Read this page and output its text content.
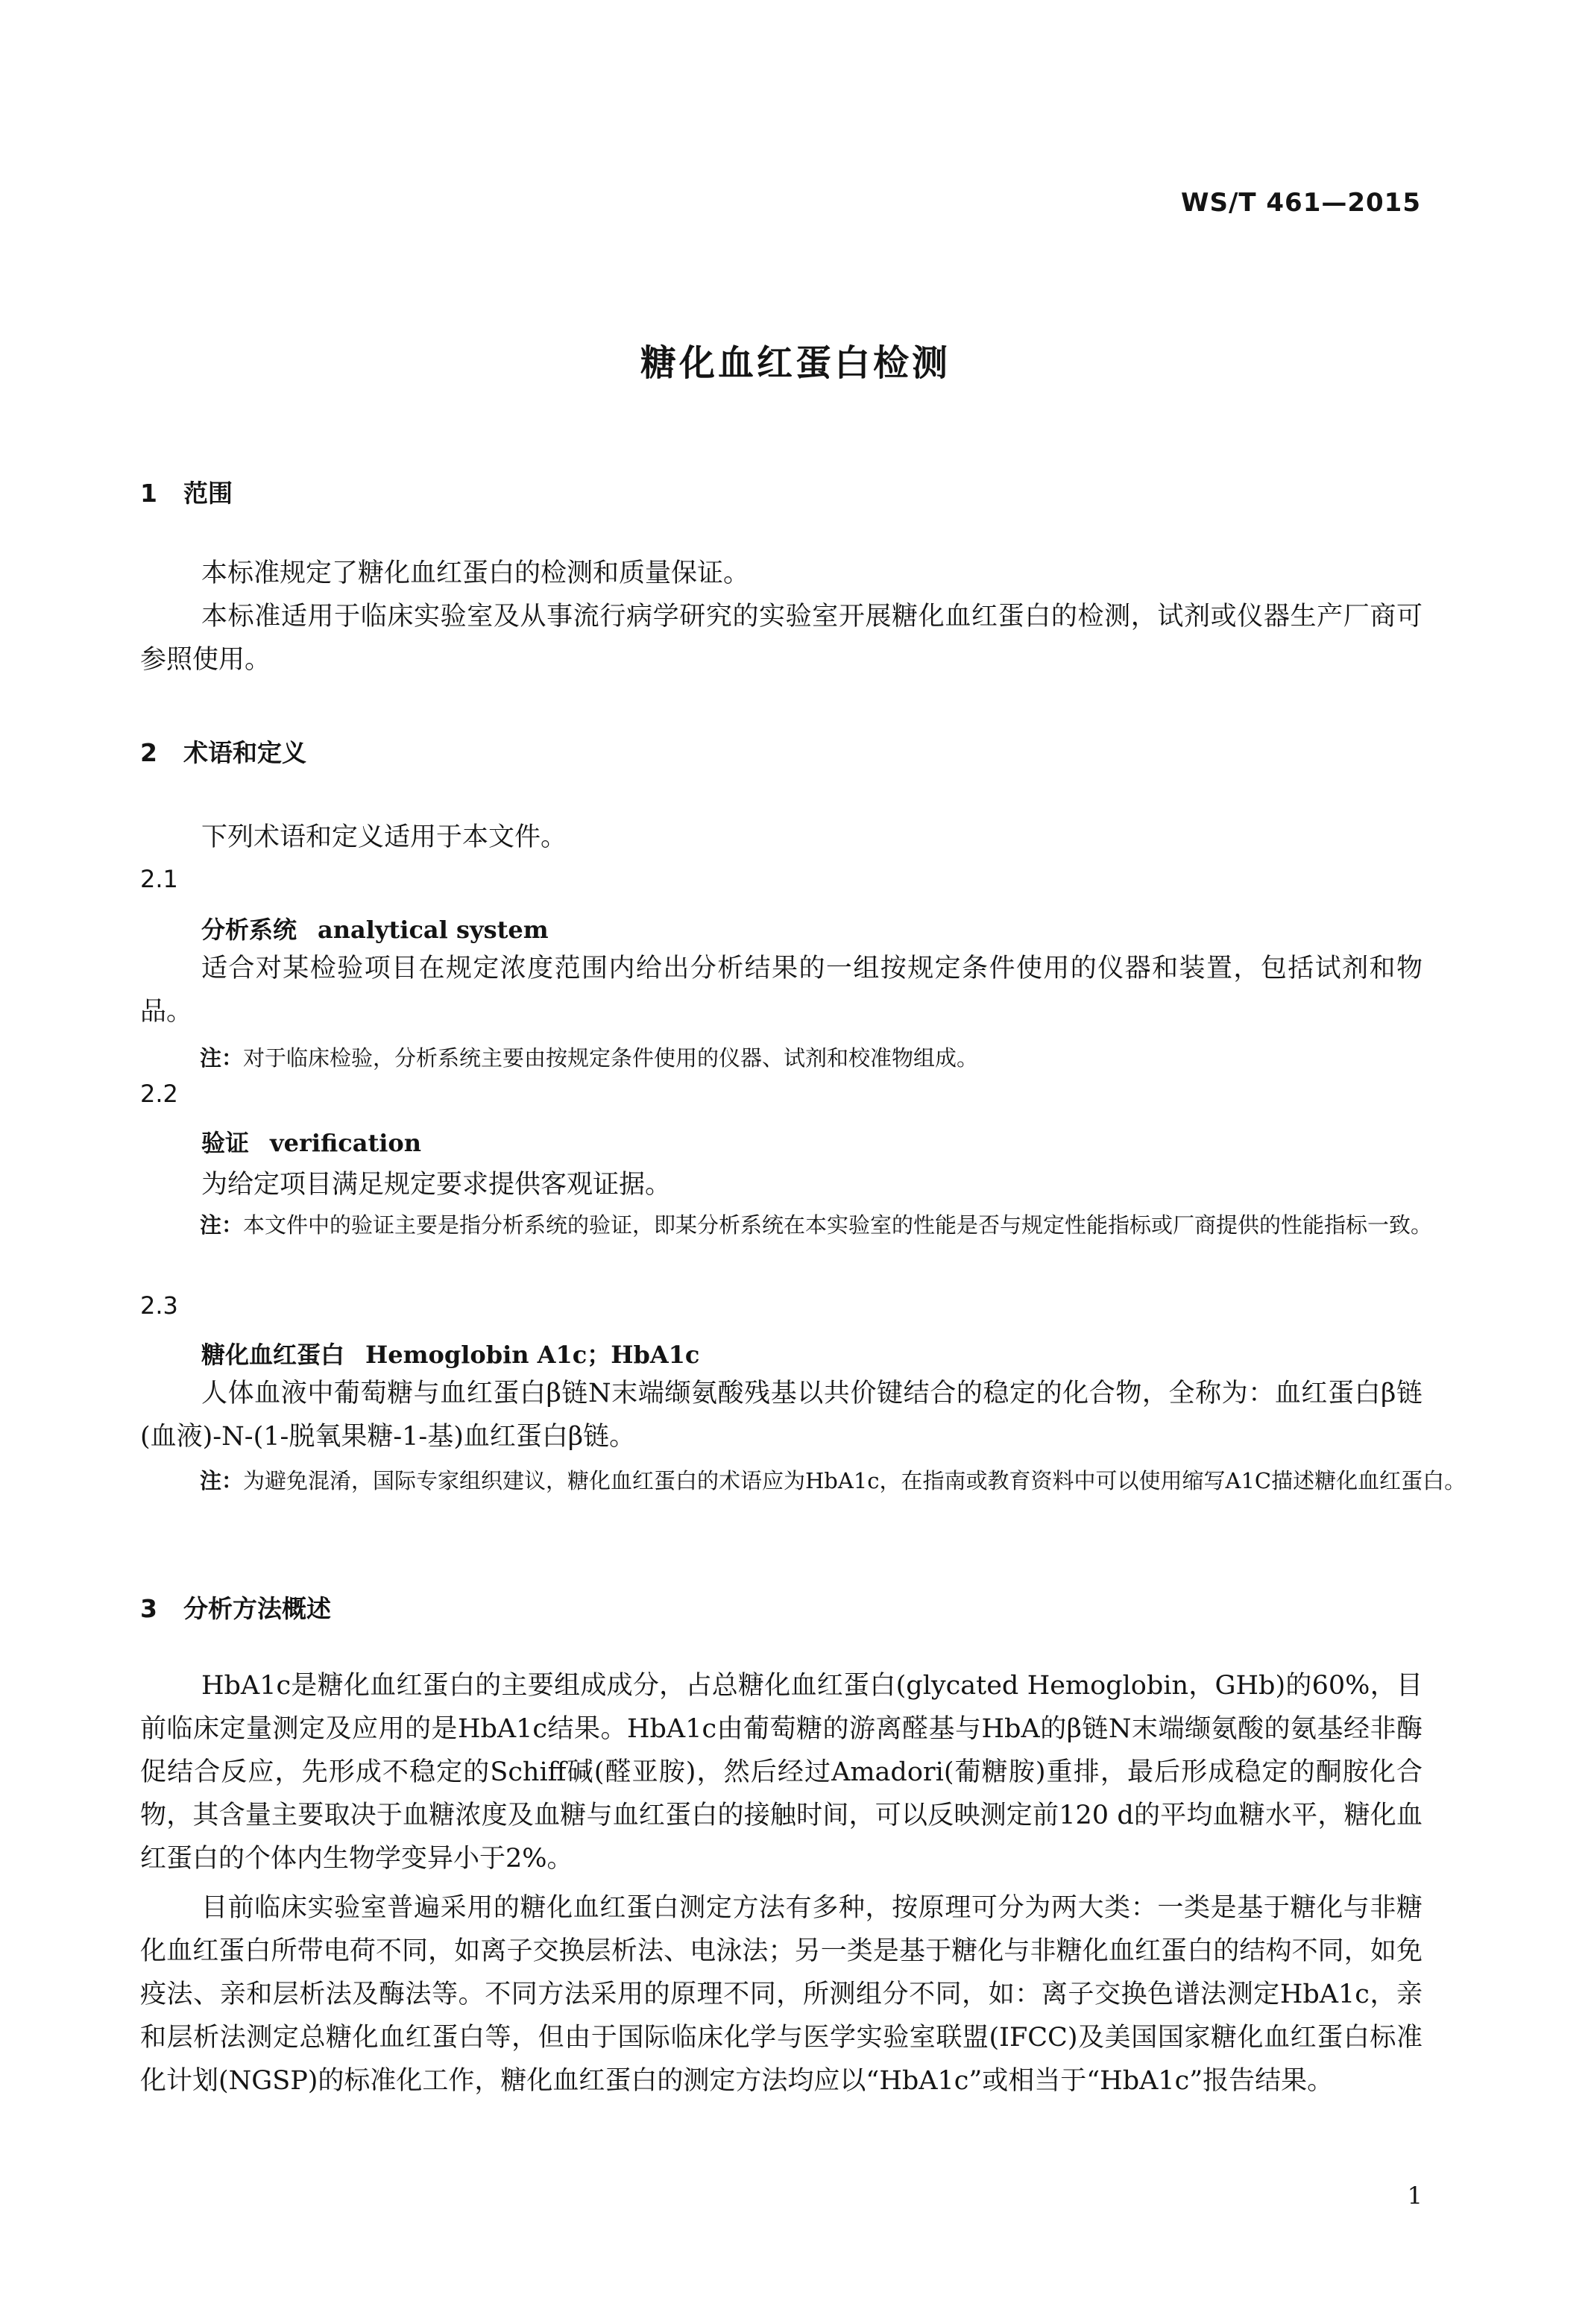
WS/T 461—2015
糖化血红蛋白检测
1 范围
本标准规定了糖化血红蛋白的检测和质量保证。
本标准适用于临床实验室及从事流行病学研究的实验室开展糖化血红蛋白的检测，试剂或仪器生产厂商可参照使用。
2 术语和定义
下列术语和定义适用于本文件。
2.1
分析系统 analytical system
适合对某检验项目在规定浓度范围内给出分析结果的一组按规定条件使用的仪器和装置，包括试剂和物品。
注：对于临床检验，分析系统主要由按规定条件使用的仪器、试剂和校准物组成。
2.2
验证 verification
为给定项目满足规定要求提供客观证据。
注：本文件中的验证主要是指分析系统的验证，即某分析系统在本实验室的性能是否与规定性能指标或厂商提供的性能指标一致。
2.3
糖化血红蛋白 Hemoglobin A1c；HbA1c
人体血液中葡萄糖与血红蛋白β链N末端缬氨酸残基以共价键结合的稳定的化合物，全称为：血红蛋白β链(血液)-N-(1-脱氧果糖-1-基)血红蛋白β链。
注：为避免混淆，国际专家组织建议，糖化血红蛋白的术语应为HbA1c，在指南或教育资料中可以使用缩写A1C描述糖化血红蛋白。
3 分析方法概述
HbA1c是糖化血红蛋白的主要组成成分，占总糖化血红蛋白(glycated Hemoglobin，GHb)的60%，目前临床定量测定及应用的是HbA1c结果。HbA1c由葡萄糖的游离醛基与HbA的β链N末端缬氨酸的氨基经非酶促结合反应，先形成不稳定的Schiff碱(醛亚胺)，然后经过Amadori(葡糖胺)重排，最后形成稳定的酮胺化合物，其含量主要取决于血糖浓度及血糖与血红蛋白的接触时间，可以反映测定前120 d的平均血糖水平，糖化血红蛋白的个体内生物学变异小于2%。
目前临床实验室普遍采用的糖化血红蛋白测定方法有多种，按原理可分为两大类：一类是基于糖化与非糖化血红蛋白所带电荷不同，如离子交换层析法、电泳法；另一类是基于糖化与非糖化血红蛋白的结构不同，如免疫法、亲和层析法及酶法等。不同方法采用的原理不同，所测组分不同，如：离子交换色谱法测定HbA1c，亲和层析法测定总糖化血红蛋白等，但由于国际临床化学与医学实验室联盟(IFCC)及美国国家糖化血红蛋白标准化计划(NGSP)的标准化工作，糖化血红蛋白的测定方法均应以“HbA1c”或相当于“HbA1c”报告结果。
1
